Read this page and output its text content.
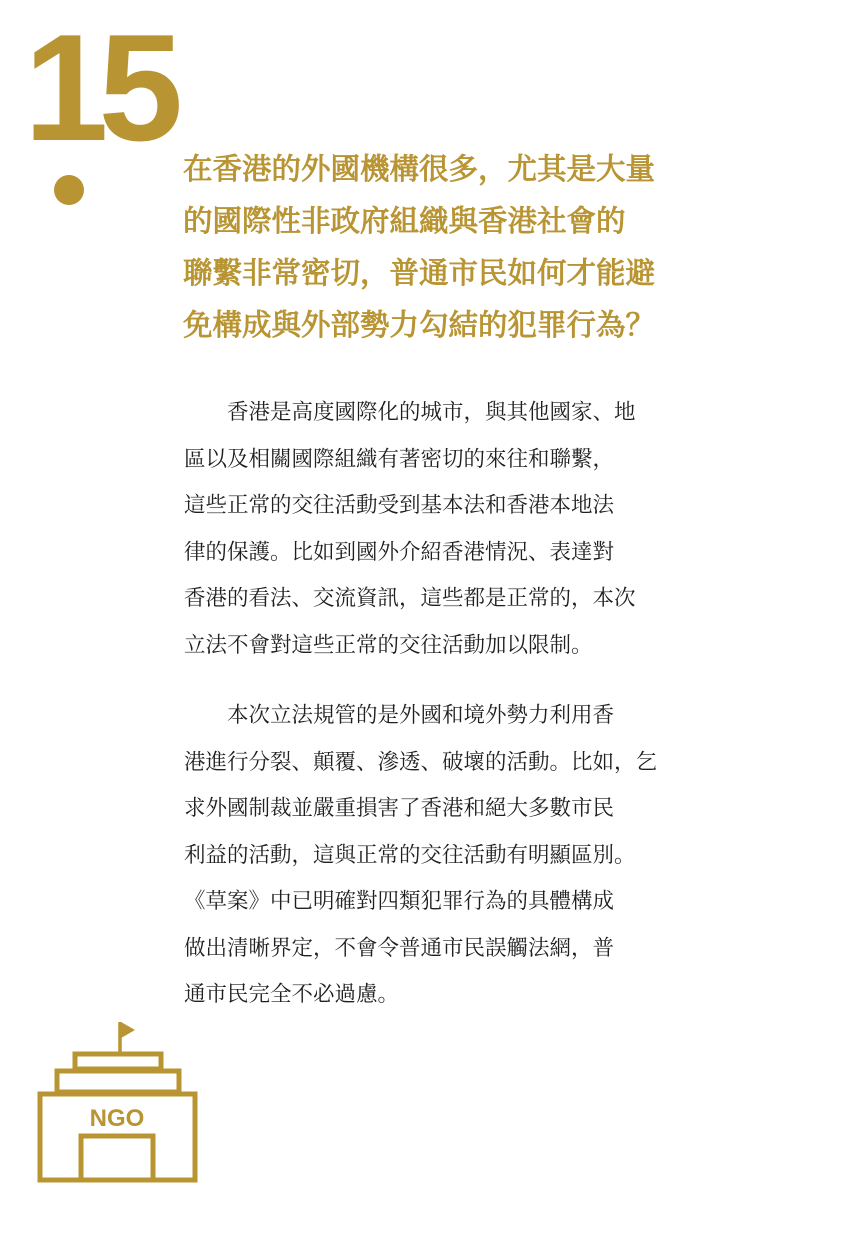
15 在香港的外國機構很多，尤其是大量
的國際性非政府組織與香港社會的
聯繫非常密切，普通市民如何才能避
免構成與外部勢力勾結的犯罪行為？

　　香港是高度國際化的城市，與其他國家、地
區以及相關國際組織有著密切的來往和聯繫，
這些正常的交往活動受到基本法和香港本地法
律的保護。比如到國外介紹香港情況、表達對
香港的看法、交流資訊，這些都是正常的，本次
立法不會對這些正常的交往活動加以限制。

　　本次立法規管的是外國和境外勢力利用香
港進行分裂、顛覆、滲透、破壞的活動。比如，乞
求外國制裁並嚴重損害了香港和絕大多數市民
利益的活動，這與正常的交往活動有明顯區別。
《草案》中已明確對四類犯罪行為的具體構成
做出清晰界定，不會令普通市民誤觸法網，普
通市民完全不必過慮。

NGO
